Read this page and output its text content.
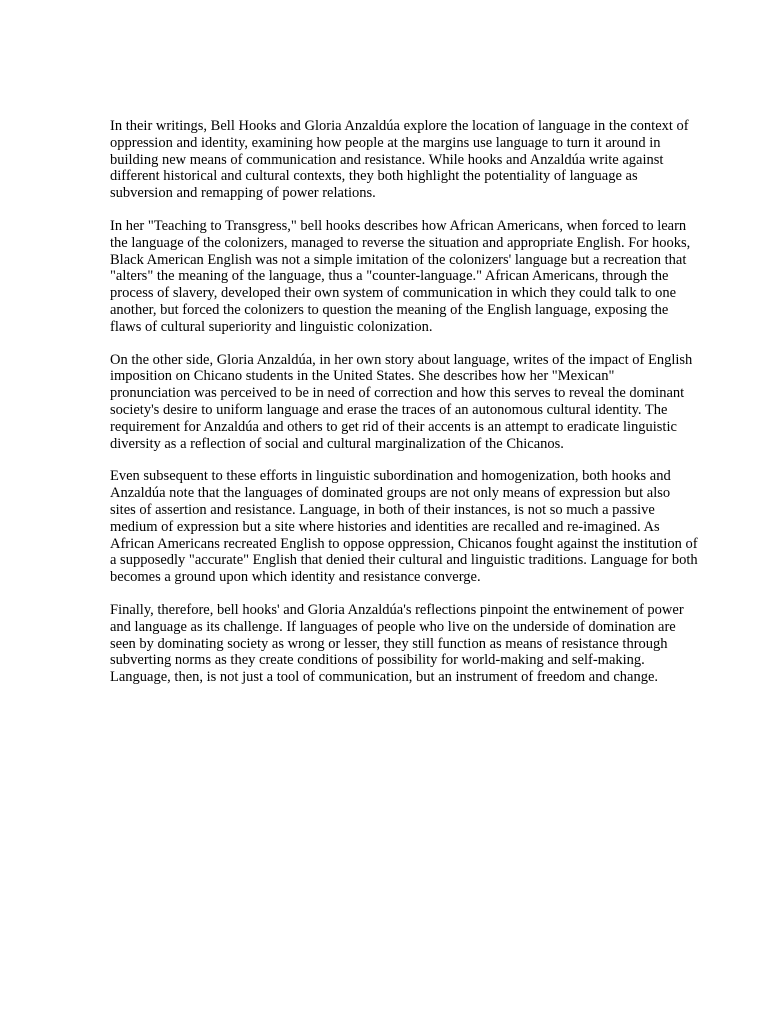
In their writings, Bell Hooks and Gloria Anzaldúa explore the location of language in the context of oppression and identity, examining how people at the margins use language to turn it around in building new means of communication and resistance. While hooks and Anzaldúa write against different historical and cultural contexts, they both highlight the potentiality of language as subversion and remapping of power relations.

In her "Teaching to Transgress," bell hooks describes how African Americans, when forced to learn the language of the colonizers, managed to reverse the situation and appropriate English. For hooks, Black American English was not a simple imitation of the colonizers' language but a recreation that "alters" the meaning of the language, thus a "counter-language." African Americans, through the process of slavery, developed their own system of communication in which they could talk to one another, but forced the colonizers to question the meaning of the English language, exposing the flaws of cultural superiority and linguistic colonization.

On the other side, Gloria Anzaldúa, in her own story about language, writes of the impact of English imposition on Chicano students in the United States. She describes how her "Mexican" pronunciation was perceived to be in need of correction and how this serves to reveal the dominant society's desire to uniform language and erase the traces of an autonomous cultural identity. The requirement for Anzaldúa and others to get rid of their accents is an attempt to eradicate linguistic diversity as a reflection of social and cultural marginalization of the Chicanos.

Even subsequent to these efforts in linguistic subordination and homogenization, both hooks and Anzaldúa note that the languages of dominated groups are not only means of expression but also sites of assertion and resistance. Language, in both of their instances, is not so much a passive medium of expression but a site where histories and identities are recalled and re-imagined. As African Americans recreated English to oppose oppression, Chicanos fought against the institution of a supposedly "accurate" English that denied their cultural and linguistic traditions. Language for both becomes a ground upon which identity and resistance converge.

Finally, therefore, bell hooks' and Gloria Anzaldúa's reflections pinpoint the entwinement of power and language as its challenge. If languages of people who live on the underside of domination are seen by dominating society as wrong or lesser, they still function as means of resistance through subverting norms as they create conditions of possibility for world-making and self-making. Language, then, is not just a tool of communication, but an instrument of freedom and change.
